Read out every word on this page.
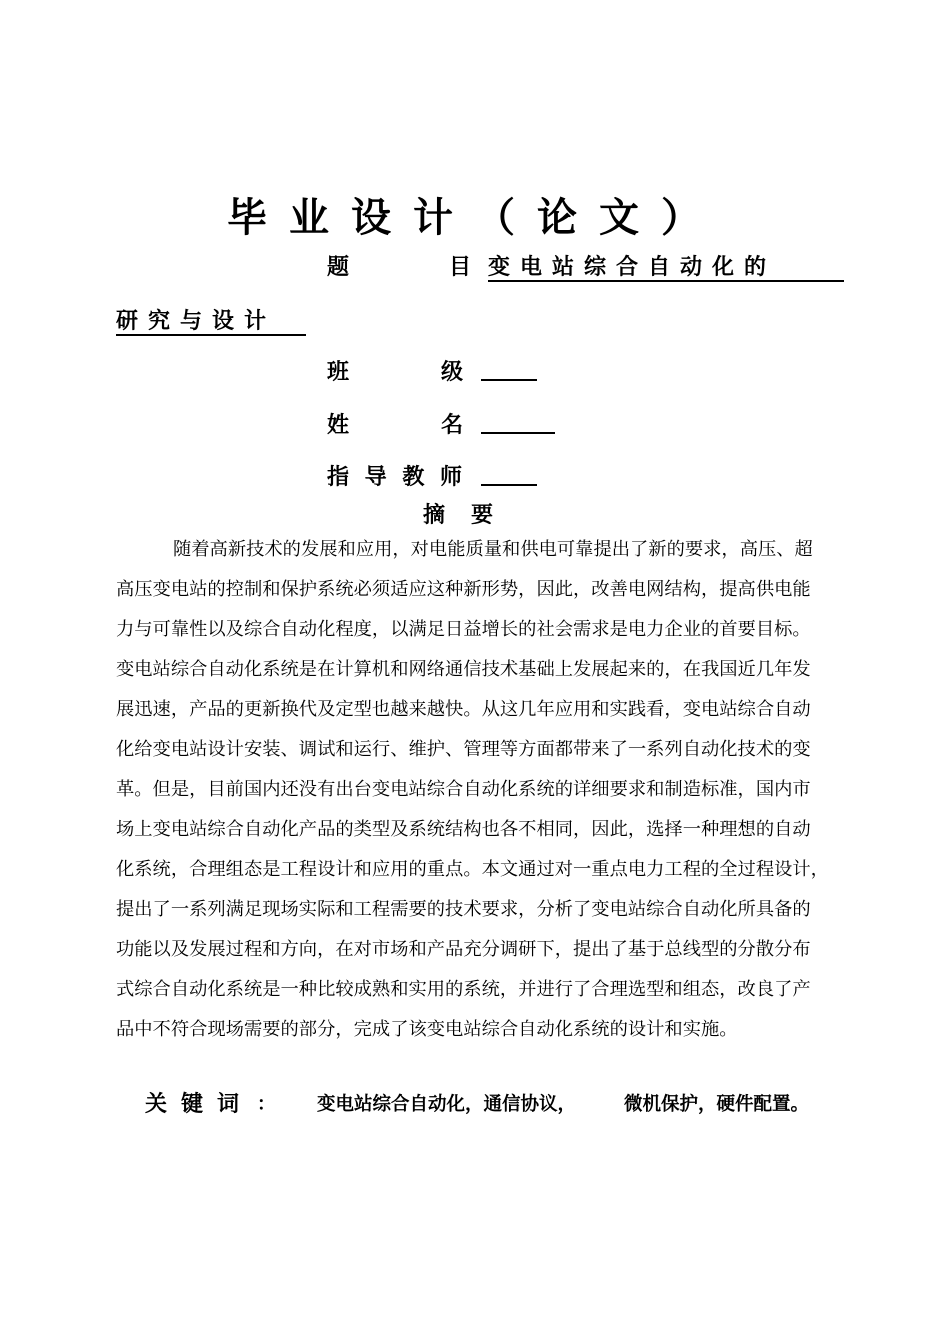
毕业设计（论文）
题	目 变电站综合自动化的
研究与设计
班	级
姓	名
指 导 教 师
摘要

随着高新技术的发展和应用，对电能质量和供电可靠提出了新的要求，高压、超

高压变电站的控制和保护系统必须适应这种新形势，因此，改善电网结构，提高供电能

力与可靠性以及综合自动化程度，以满足日益增长的社会需求是电力企业的首要目标。

变电站综合自动化系统是在计算机和网络通信技术基础上发展起来的，在我国近几年发

展迅速，产品的更新换代及定型也越来越快。从这几年应用和实践看，变电站综合自动

化给变电站设计安装、调试和运行、维护、管理等方面都带来了一系列自动化技术的变

革。但是，目前国内还没有出台变电站综合自动化系统的详细要求和制造标准，国内市

场上变电站综合自动化产品的类型及系统结构也各不相同，因此，选择一种理想的自动

化系统，合理组态是工程设计和应用的重点。本文通过对一重点电力工程的全过程设计，

提出了一系列满足现场实际和工程需要的技术要求，分析了变电站综合自动化所具备的

功能以及发展过程和方向，在对市场和产品充分调研下，提出了基于总线型的分散分布

式综合自动化系统是一种比较成熟和实用的系统，并进行了合理选型和组态，改良了产

品中不符合现场需要的部分，完成了该变电站综合自动化系统的设计和实施。

关键词 ： 变电站综合自动化，通信协议，	微机保护，硬件配置。
